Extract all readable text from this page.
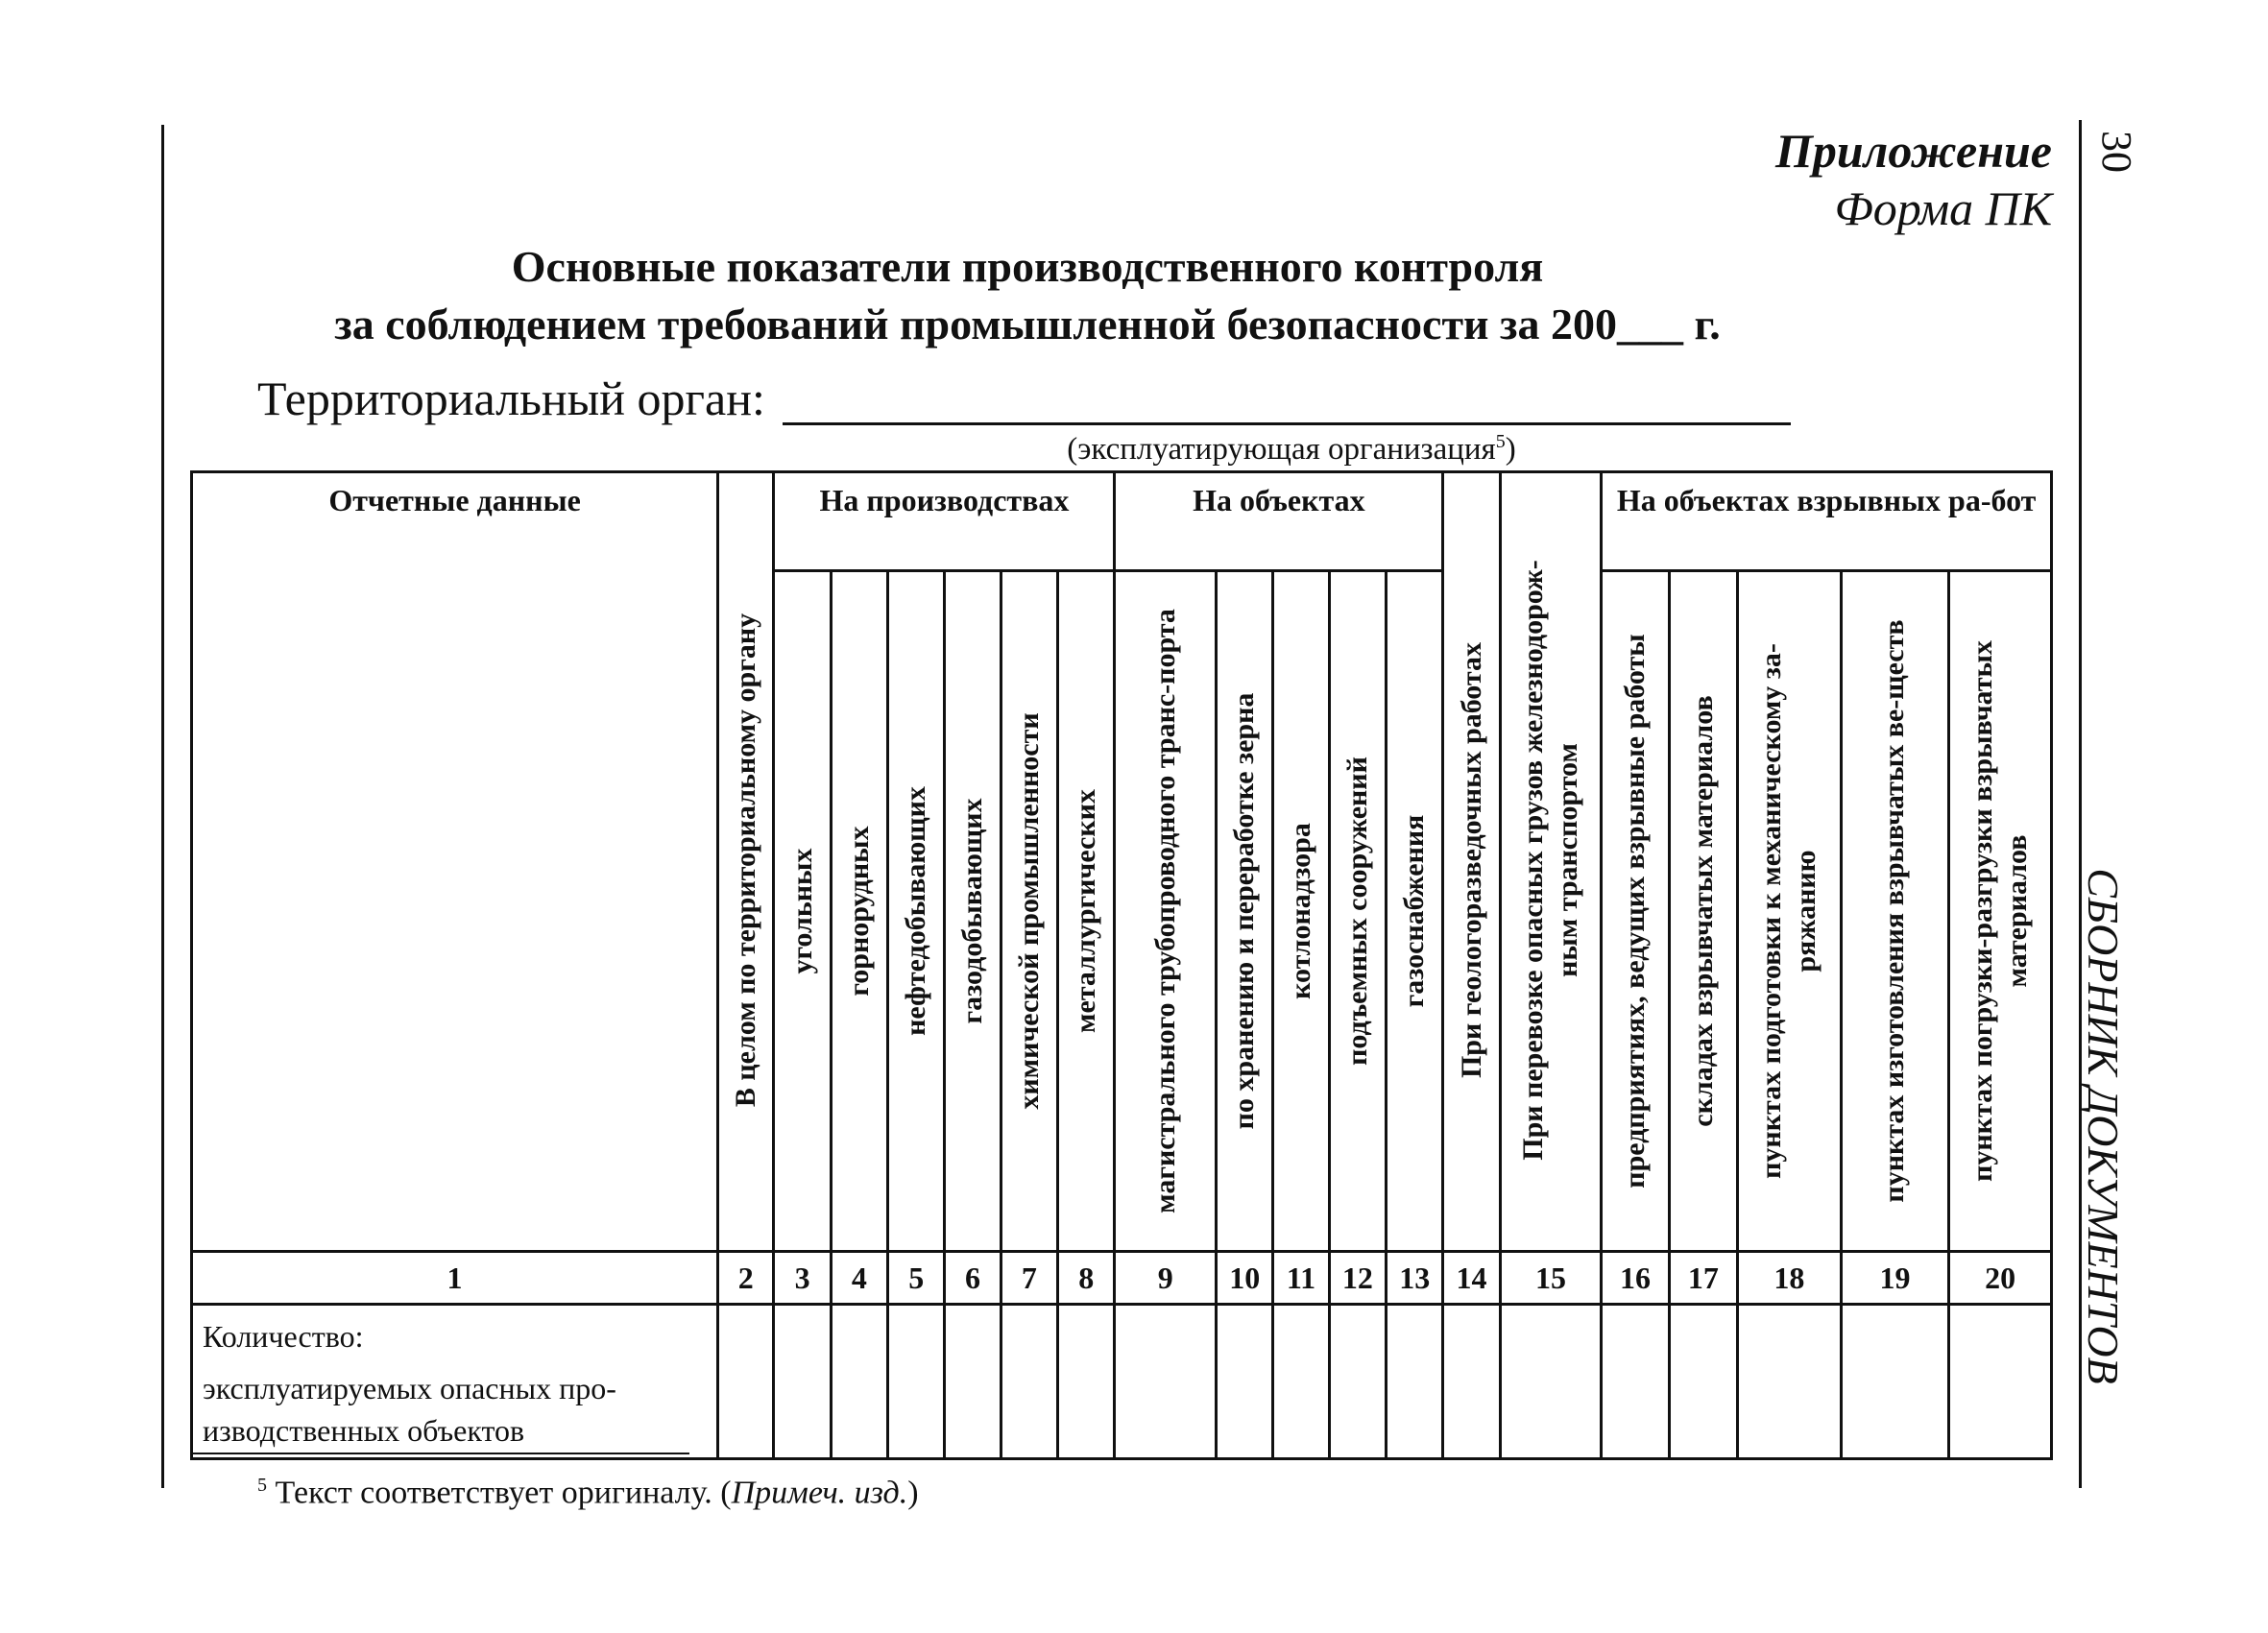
Приложение
Форма ПК
30
СБОРНИК ДОКУМЕНТОВ
Основные показатели производственного контроля
за соблюдением требований промышленной безопасности за 200___ г.
Территориальный орган:
(эксплуатирующая организация$^5$)
Отчетные данные	В целом по территориальному органу	На производствах						На объектах					При геологоразведочных работах	При перевозке опасных грузов железнодорож-ным транспортом	На объектах взрывных ра-бот				

		угольных	горнорудных	нефтедобывающих	газодобывающих	химической промышленности	металлургических	магистрального трубопроводного транс-порта	по хранению и переработке зерна	котлонадзора	подъемных сооружений	газоснабжения			предприятиях, ведущих взрывные работы	складах взрывчатых материалов	пунктах подготовки к механическому за-ряжанию	пунктах изготовления взрывчатых ве-ществ	пунктах погрузки-разгрузки взрывчатых материалов

1	2	3	4	5	6	7	8	9	10	11	12	13	14	15	16	17	18	19	20

Количество:
эксплуатируемых опасных про-изводственных объектов																			

$^5$ Текст соответствует оригиналу. (Примеч. изд.)
